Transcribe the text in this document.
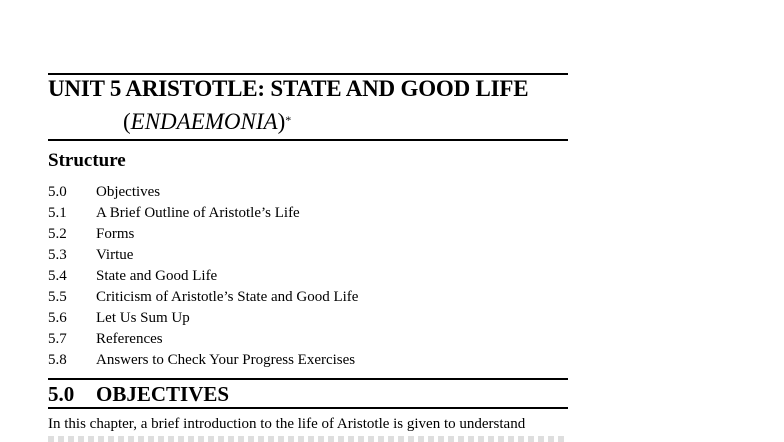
UNIT 5 ARISTOTLE: STATE AND GOOD LIFE
(ENDAEMONIA)*
Structure
5.0 Objectives
5.1 A Brief Outline of Aristotle’s Life
5.2 Forms
5.3 Virtue
5.4 State and Good Life
5.5 Criticism of Aristotle’s State and Good Life
5.6 Let Us Sum Up
5.7 References
5.8 Answers to Check Your Progress Exercises
5.0 OBJECTIVES
In this chapter, a brief introduction to the life of Aristotle is given to understand
